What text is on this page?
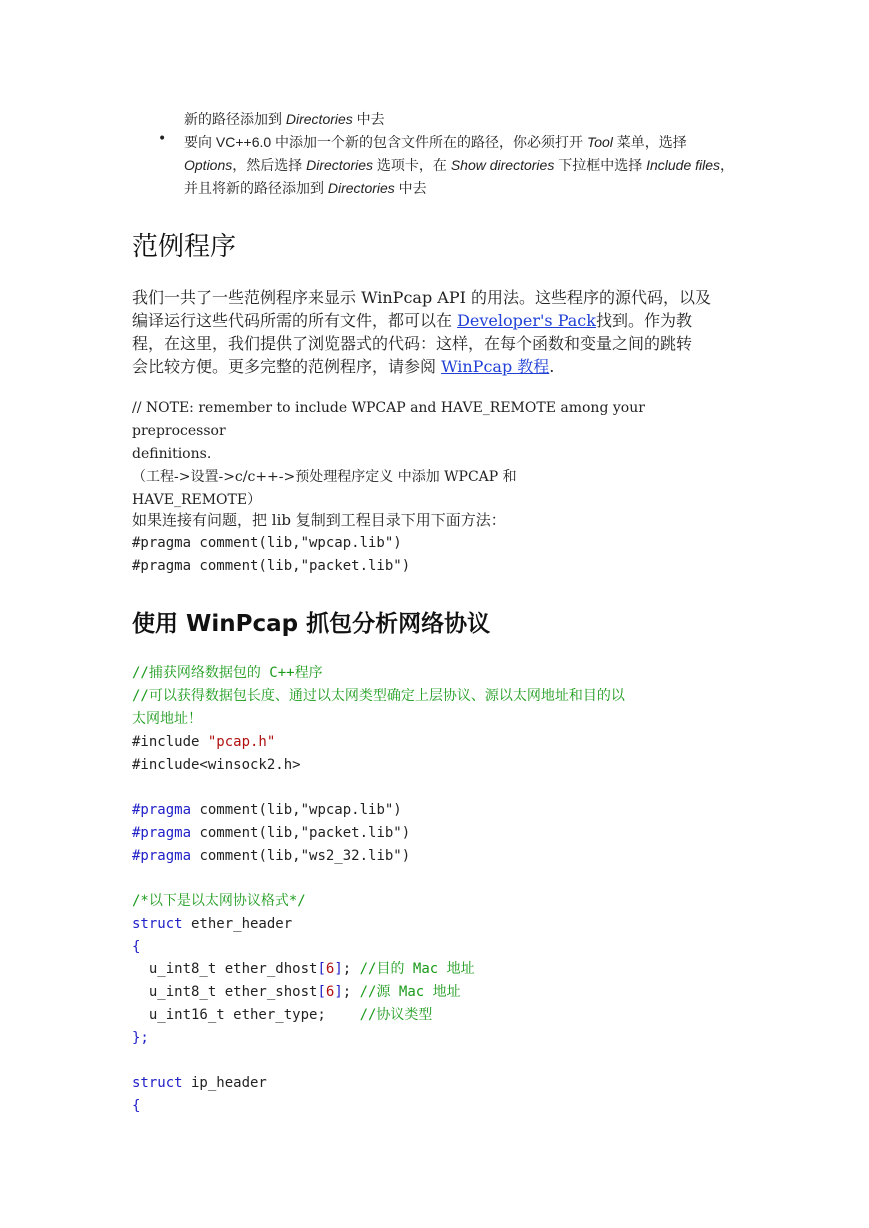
新的路径添加到 Directories 中去
• 要向 VC++6.0 中添加一个新的包含文件所在的路径，你必须打开 Tool 菜单，选择
Options，然后选择 Directories 选项卡，在 Show directories 下拉框中选择 Include files，
并且将新的路径添加到 Directories 中去
范例程序

我们一共了一些范例程序来显示 WinPcap API 的用法。这些程序的源代码，以及

编译运行这些代码所需的所有文件，都可以在 Developer's Pack找到。作为教

程，在这里，我们提供了浏览器式的代码：这样，在每个函数和变量之间的跳转

会比较方便。更多完整的范例程序，请参阅 WinPcap 教程.

// NOTE: remember to include WPCAP and HAVE_REMOTE among your preprocessor

definitions.

（工程->设置->c/c++->预处理程序定义 中添加 WPCAP 和

HAVE_REMOTE）

如果连接有问题，把 lib 复制到工程目录下用下面方法：
#pragma comment(lib,"wpcap.lib")
#pragma comment(lib,"packet.lib")
使用 WinPcap 抓包分析网络协议
//捕获网络数据包的 C++程序
//可以获得数据包长度、通过以太网类型确定上层协议、源以太网地址和目的以
太网地址！
#include "pcap.h"
#include<winsock2.h>
#pragma comment(lib,"wpcap.lib")
#pragma comment(lib,"packet.lib")
#pragma comment(lib,"ws2_32.lib")
/*以下是以太网协议格式*/
struct ether_header
{
u_int8_t ether_dhost[6]; //目的 Mac 地址
u_int8_t ether_shost[6]; //源 Mac 地址
u_int16_t ether_type;    //协议类型
};
struct ip_header
{
